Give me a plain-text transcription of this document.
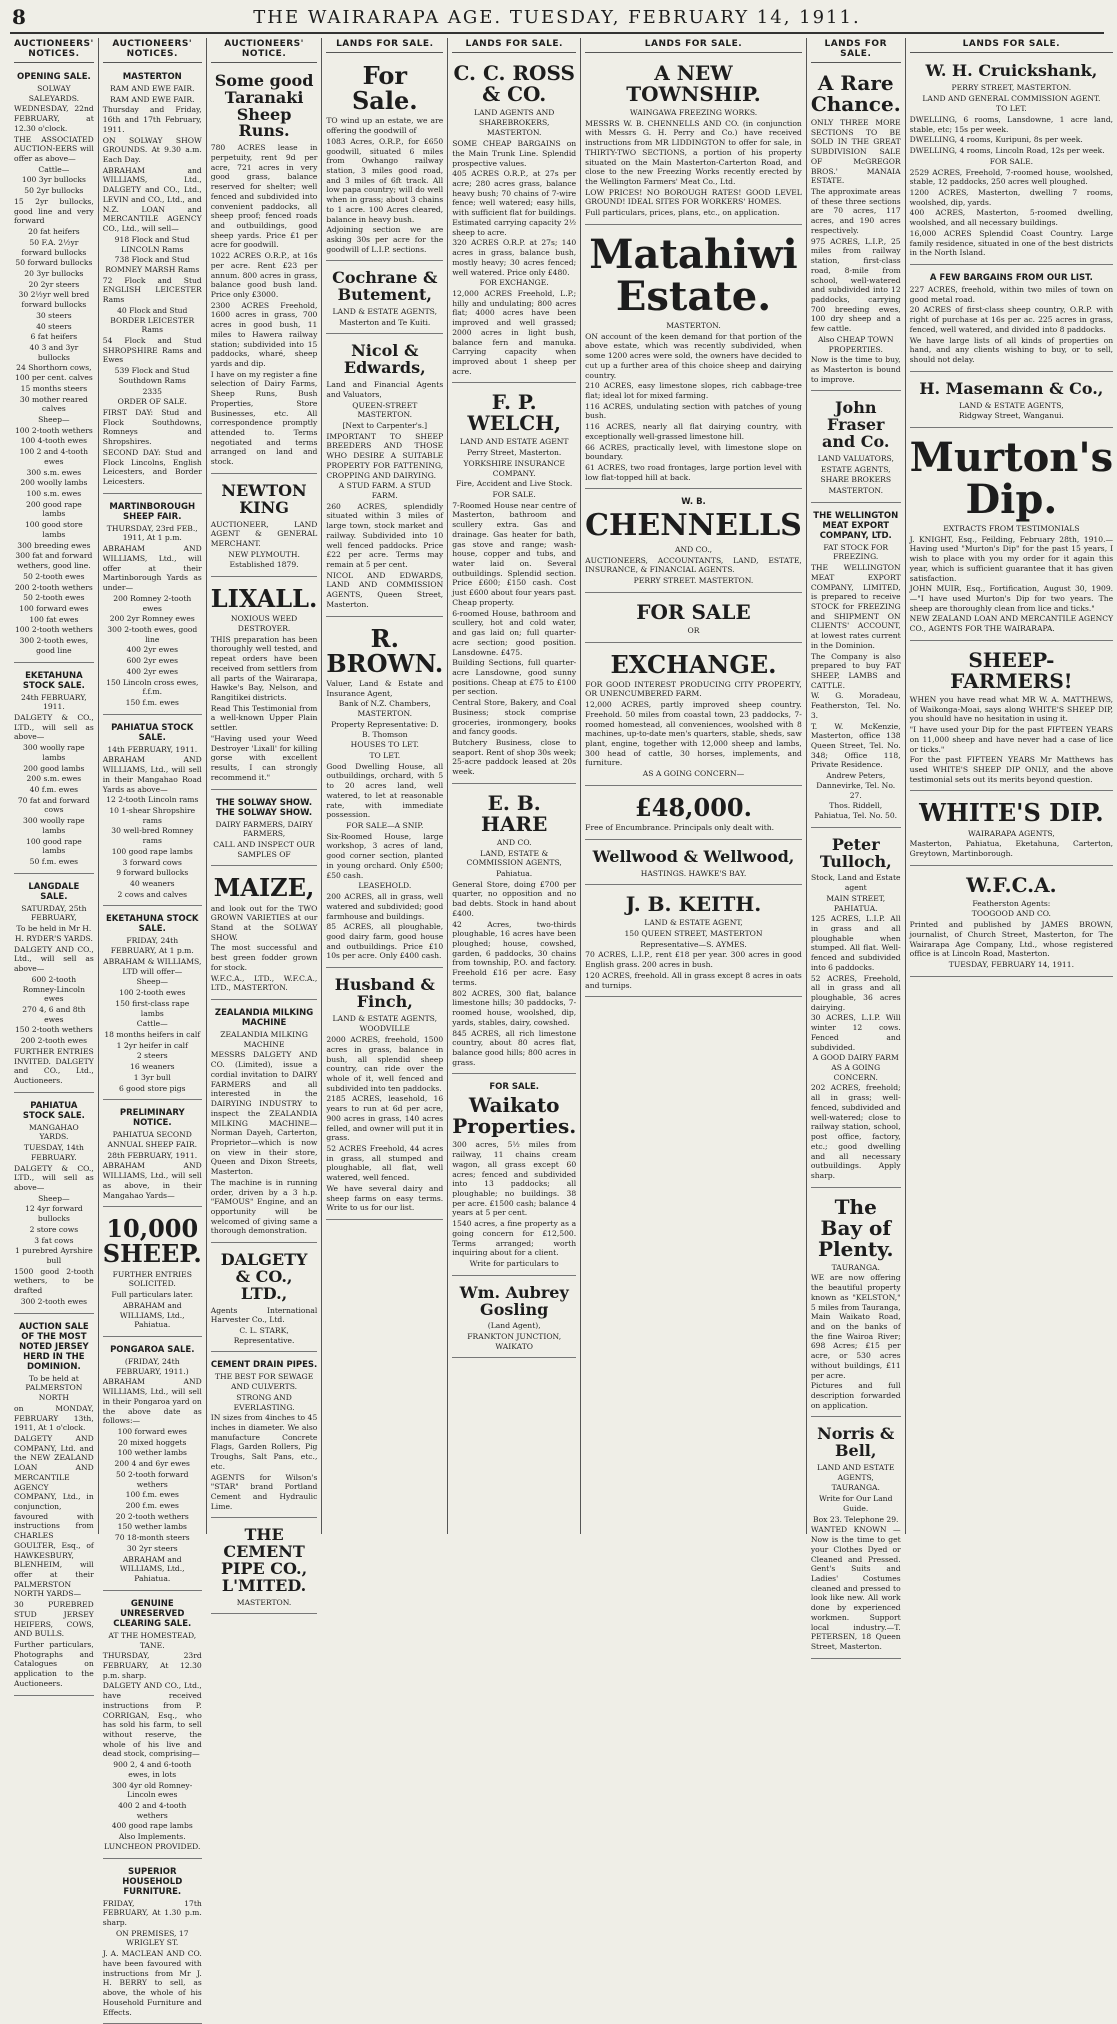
8	THE WAIRARAPA AGE. TUESDAY, FEBRUARY 14, 1911.
AUCTIONEERS' NOTICES.
OPENING SALE.
SOLWAY SALEYARDS.
WEDNESDAY, 22nd FEBRUARY, at 12.30 o'clock.
THE ASSOCIATED AUCTION-EERS will offer as above—
Cattle—
100 3yr bullocks
50 2yr bullocks
15 2yr bullocks, good line and very forward
20 fat heifers
50 F.A. 2½yr forward bullocks
50 forward bullocks
20 3yr bullocks
20 2yr steers
30 2½yr well bred forward bullocks
30 steers
40 steers
6 fat heifers
40 3 and 3yr bullocks
24 Shorthorn cows, 100 per cent. calves
15 months steers
30 mother reared calves
Sheep—
100 2-tooth wethers
100 4-tooth ewes
100 2 and 4-tooth ewes
300 s.m. ewes
200 woolly lambs
100 s.m. ewes
200 good rape lambs
100 good store lambs
300 breeding ewes
300 fat and forward wethers, good line.
50 2-tooth ewes
200 2-tooth wethers
50 2-tooth ewes
100 forward ewes
100 fat ewes
100 2-tooth wethers
300 2-tooth ewes, good line
EKETAHUNA STOCK SALE.
24th FEBRUARY, 1911.
DALGETY & CO., LTD., will sell as above—
300 woolly rape lambs
200 good lambs
200 s.m. ewes
40 f.m. ewes
70 fat and forward cows
300 woolly rape lambs
100 good rape lambs
50 f.m. ewes
LANGDALE SALE.
SATURDAY, 25th FEBRUARY,
To be held in Mr H. H. RYDER'S YARDS.
DALGETY AND CO., Ltd., will sell as above—
600 2-tooth Romney-Lincoln ewes
270 4, 6 and 8th ewes
150 2-tooth wethers
200 2-tooth ewes
FURTHER ENTRIES INVITED. DALGETY and CO., Ltd., Auctioneers.
PAHIATUA STOCK SALE.
MANGAHAO YARDS.
TUESDAY, 14th FEBRUARY.
DALGETY & CO., LTD., will sell as above—
Sheep—
12 4yr forward bullocks
2 store cows
3 fat cows
1 purebred Ayrshire bull
1500 good 2-tooth wethers, to be drafted
300 2-tooth ewes
AUCTION SALE OF THE MOST NOTED JERSEY HERD IN THE DOMINION.
To be held at PALMERSTON NORTH
on MONDAY, FEBRUARY 13th, 1911, At 1 o'clock.
DALGETY AND COMPANY, Ltd. and the NEW ZEALAND LOAN AND MERCANTILE AGENCY COMPANY, Ltd., in conjunction, favoured with instructions from CHARLES GOULTER, Esq., of HAWKESBURY, BLENHEIM, will offer at their PALMERSTON NORTH YARDS—
30 PUREBRED STUD JERSEY HEIFERS, COWS, AND BULLS.
Further particulars, Photographs and Catalogues on application to the Auctioneers.
AUCTIONEERS' NOTICES.
MASTERTON
RAM AND EWE FAIR.
RAM AND EWE FAIR.
Thursday and Friday, 16th and 17th February, 1911.
ON SOLWAY SHOW GROUNDS. At 9.30 a.m. Each Day.
ABRAHAM and WILLIAMS, Ltd., DALGETY and CO., Ltd., LEVIN and CO., Ltd., and N.Z. LOAN and MERCANTILE AGENCY CO., Ltd., will sell—
918 Flock and Stud LINCOLN Rams
738 Flock and Stud ROMNEY MARSH Rams
72 Flock and Stud ENGLISH LEICESTER Rams
40 Flock and Stud BORDER LEICESTER Rams
54 Flock and Stud SHROPSHIRE Rams and Ewes
539 Flock and Stud Southdown Rams
2335
ORDER OF SALE.
FIRST DAY: Stud and Flock Southdowns, Romneys and Shropshires.
SECOND DAY: Stud and Flock Lincolns, English Leicesters, and Border Leicesters.
MARTINBOROUGH SHEEP FAIR.
THURSDAY, 23rd FEB., 1911, At 1 p.m.
ABRAHAM AND WILLIAMS, Ltd., will offer at their Martinborough Yards as under—
200 Romney 2-tooth ewes
200 2yr Romney ewes
300 2-tooth ewes, good line
400 2yr ewes
600 2yr ewes
400 2yr ewes
150 Lincoln cross ewes, f.f.m.
150 f.m. ewes
PAHIATUA STOCK SALE.
14th FEBRUARY, 1911.
ABRAHAM AND WILLIAMS, Ltd., will sell in their Mangahao Road Yards as above—
12 2-tooth Lincoln rams
10 1-shear Shropshire rams
30 well-bred Romney rams
100 good rape lambs
3 forward cows
9 forward bullocks
40 weaners
2 cows and calves
EKETAHUNA STOCK SALE.
FRIDAY, 24th FEBRUARY, At 1 p.m.
ABRAHAM & WILLIAMS, LTD will offer—
Sheep—
100 2-tooth ewes
150 first-class rape lambs
Cattle—
18 months heifers in calf
1 2yr heifer in calf
2 steers
16 weaners
1 3yr bull
6 good store pigs
PRELIMINARY NOTICE.
PAHIATUA SECOND ANNUAL SHEEP FAIR.
28th FEBRUARY, 1911.
ABRAHAM AND WILLIAMS, Ltd., will sell as above, in their Mangahao Yards—
10,000 SHEEP.
FURTHER ENTRIES SOLICITED.
Full particulars later.
ABRAHAM and WILLIAMS, Ltd., Pahiatua.
PONGAROA SALE.
(FRIDAY, 24th FEBRUARY, 1911.)
ABRAHAM AND WILLIAMS, Ltd., will sell in their Pongaroa yard on the above date as follows:—
100 forward ewes
20 mixed hoggets
100 wether lambs
200 4 and 6yr ewes
50 2-tooth forward wethers
100 f.m. ewes
200 f.m. ewes
20 2-tooth wethers
150 wether lambs
70 18-month steers
30 2yr steers
ABRAHAM and WILLIAMS, Ltd., Pahiatua.
GENUINE UNRESERVED CLEARING SALE.
AT THE HOMESTEAD, TANE.
THURSDAY, 23rd FEBRUARY, At 12.30 p.m. sharp.
DALGETY AND CO., Ltd., have received instructions from P. CORRIGAN, Esq., who has sold his farm, to sell without reserve, the whole of his live and dead stock, comprising—
900 2, 4 and 6-tooth ewes, in lots
300 4yr old Romney-Lincoln ewes
400 2 and 4-tooth wethers
400 good rape lambs
Also Implements. LUNCHEON PROVIDED.
SUPERIOR HOUSEHOLD FURNITURE.
FRIDAY, 17th FEBRUARY, At 1.30 p.m. sharp.
ON PREMISES, 17 WRIGLEY ST.
J. A. MACLEAN AND CO. have been favoured with instructions from Mr J. H. BERRY to sell, as above, the whole of his Household Furniture and Effects.
AUCTIONEERS' NOTICE.
Some good Taranaki Sheep Runs.
780 ACRES lease in perpetuity, rent 9d per acre, 721 acres in very good grass, balance reserved for shelter; well fenced and subdivided into convenient paddocks, all sheep proof; fenced roads and outbuildings, good sheep yards. Price £1 per acre for goodwill.
1022 ACRES O.R.P., at 16s per acre. Rent £23 per annum. 800 acres in grass, balance good bush land. Price only £3000.
2300 ACRES Freehold, 1600 acres in grass, 700 acres in good bush, 11 miles to Hawera railway station; subdivided into 15 paddocks, wharé, sheep yards and dip.
I have on my register a fine selection of Dairy Farms, Sheep Runs, Bush Properties, Store Businesses, etc. All correspondence promptly attended to. Terms negotiated and terms arranged on land and stock.
NEWTON KING
AUCTIONEER, LAND AGENT & GENERAL MERCHANT.
NEW PLYMOUTH.
Established 1879.
LIXALL.
NOXIOUS WEED DESTROYER.
THIS preparation has been thoroughly well tested, and repeat orders have been received from settlers from all parts of the Wairarapa, Hawke's Bay, Nelson, and Rangitikei districts.
Read This Testimonial from a well-known Upper Plain settler.
"Having used your Weed Destroyer 'Lixall' for killing gorse with excellent results, I can strongly recommend it."
THE SOLWAY SHOW. THE SOLWAY SHOW.
DAIRY FARMERS, DAIRY FARMERS,
CALL AND INSPECT OUR SAMPLES OF
MAIZE,
and look out for the TWO GROWN VARIETIES at our Stand at the SOLWAY SHOW.
The most successful and best green fodder grown for stock.
W.F.C.A., LTD., W.F.C.A., LTD., MASTERTON.
ZEALANDIA MILKING MACHINE
ZEALANDIA MILKING MACHINE
MESSRS DALGETY AND CO. (Limited), issue a cordial invitation to DAIRY FARMERS and all interested in the DAIRYING INDUSTRY to inspect the ZEALANDIA MILKING MACHINE—Norman Dayeh, Carterton, Proprietor—which is now on view in their store, Queen and Dixon Streets, Masterton.
The machine is in running order, driven by a 3 h.p. "FAMOUS" Engine, and an opportunity will be welcomed of giving same a thorough demonstration.
DALGETY & CO., LTD.,
Agents International Harvester Co., Ltd.
C. L. STARK, Representative.
CEMENT DRAIN PIPES.
THE BEST FOR SEWAGE AND CULVERTS.
STRONG AND EVERLASTING.
IN sizes from 4inches to 45 inches in diameter. We also manufacture Concrete Flags, Garden Rollers, Pig Troughs, Salt Pans, etc., etc.
AGENTS for Wilson's "STAR" brand Portland Cement and Hydraulic Lime.
THE CEMENT PIPE CO., L'MITED.
MASTERTON.
LANDS FOR SALE.
For Sale.
TO wind up an estate, we are offering the goodwill of
1083 Acres, O.R.P., for £650 goodwill, situated 6 miles from Owhango railway station, 3 miles good road, and 3 miles of 6ft track. All low papa country; will do well when in grass; about 3 chains to 1 acre. 100 Acres cleared, balance in heavy bush.
Adjoining section we are asking 30s per acre for the goodwill of L.I.P. sections.
Cochrane & Butement,
LAND & ESTATE AGENTS,
Masterton and Te Kuiti.
Nicol & Edwards,
Land and Financial Agents and Valuators,
QUEEN-STREET MASTERTON.
[Next to Carpenter's.]
IMPORTANT TO SHEEP BREEDERS AND THOSE WHO DESIRE A SUITABLE PROPERTY FOR FATTENING, CROPPING AND DAIRYING.
A STUD FARM. A STUD FARM.
260 ACRES, splendidly situated within 3 miles of large town, stock market and railway. Subdivided into 10 well fenced paddocks. Price £22 per acre. Terms may remain at 5 per cent.
NICOL AND EDWARDS, LAND AND COMMISSION AGENTS, Queen Street, Masterton.
R. BROWN.
Valuer, Land & Estate and Insurance Agent,
Bank of N.Z. Chambers, MASTERTON.
Property Representative: D. B. Thomson
HOUSES TO LET.
TO LET.
Good Dwelling House, all outbuildings, orchard, with 5 to 20 acres land, well watered, to let at reasonable rate, with immediate possession.
FOR SALE—A SNIP.
Six-Roomed House, large workshop, 3 acres of land, good corner section, planted in young orchard. Only £500; £50 cash.
LEASEHOLD.
200 ACRES, all in grass, well watered and subdivided; good farmhouse and buildings.
85 ACRES, all ploughable, good dairy farm, good house and outbuildings. Price £10 10s per acre. Only £400 cash.
Husband & Finch,
LAND & ESTATE AGENTS,
WOODVILLE
2000 ACRES, freehold, 1500 acres in grass, balance in bush, all splendid sheep country, can ride over the whole of it, well fenced and subdivided into ten paddocks.
2185 ACRES, leasehold, 16 years to run at 6d per acre, 900 acres in grass, 140 acres felled, and owner will put it in grass.
52 ACRES Freehold, 44 acres in grass, all stumped and ploughable, all flat, well watered, well fenced.
We have several dairy and sheep farms on easy terms. Write to us for our list.
LANDS FOR SALE.
C. C. ROSS & CO.
LAND AGENTS AND SHAREBROKERS,
MASTERTON.
SOME CHEAP BARGAINS on the Main Trunk Line. Splendid prospective values.
405 ACRES O.R.P., at 27s per acre; 280 acres grass, balance heavy bush; 70 chains of 7-wire fence; well watered; easy hills, with sufficient flat for buildings. Estimated carrying capacity 2½ sheep to acre.
320 ACRES O.R.P. at 27s; 140 acres in grass, balance bush, mostly heavy; 30 acres fenced; well watered. Price only £480.
FOR EXCHANGE.
12,000 ACRES Freehold, L.P.; hilly and undulating; 800 acres flat; 4000 acres have been improved and well grassed; 2000 acres in light bush, balance fern and manuka. Carrying capacity when improved about 1 sheep per acre.
F. P. WELCH,
LAND AND ESTATE AGENT
Perry Street, Masterton.
YORKSHIRE INSURANCE COMPANY.
Fire, Accident and Live Stock.
FOR SALE.
7-Roomed House near centre of Masterton, bathroom and scullery extra. Gas and drainage. Gas heater for bath, gas stove and range; wash-house, copper and tubs, and water laid on. Several outbuildings. Splendid section. Price £600; £150 cash. Cost just £600 about four years past. Cheap property.
6-roomed House, bathroom and scullery, hot and cold water, and gas laid on; full quarter-acre section; good position. Lansdowne. £475.
Building Sections, full quarter-acre Lansdowne, good sunny positions. Cheap at £75 to £100 per section.
Central Store, Bakery, and Coal Business; stock comprise groceries, ironmongery, books and fancy goods.
Butchery Business, close to seaport. Rent of shop 30s week; 25-acre paddock leased at 20s week.
E. B. HARE
AND CO.
LAND, ESTATE & COMMISSION AGENTS,
Pahiatua.
General Store, doing £700 per quarter, no opposition and no bad debts. Stock in hand about £400.
42 Acres, two-thirds ploughable, 16 acres have been ploughed; house, cowshed, garden, 6 paddocks, 30 chains from township, P.O. and factory. Freehold £16 per acre. Easy terms.
802 ACRES, 300 flat, balance limestone hills; 30 paddocks, 7-roomed house, woolshed, dip, yards, stables, dairy, cowshed.
845 ACRES, all rich limestone country, about 80 acres flat, balance good hills; 800 acres in grass.
FOR SALE.
Waikato Properties.
300 acres, 5½ miles from railway, 11 chains cream wagon, all grass except 60 acres; fenced and subdivided into 13 paddocks; all ploughable; no buildings. 38 per acre. £1500 cash; balance 4 years at 5 per cent.
1540 acres, a fine property as a going concern for £12,500. Terms arranged; worth inquiring about for a client.
Write for particulars to
Wm. Aubrey Gosling
(Land Agent),
FRANKTON JUNCTION, WAIKATO
LANDS FOR SALE.
A NEW TOWNSHIP.
WAINGAWA FREEZING WORKS.
MESSRS W. B. CHENNELLS AND CO. (in conjunction with Messrs G. H. Perry and Co.) have received instructions from MR LIDDINGTON to offer for sale, in THIRTY-TWO SECTIONS, a portion of his property situated on the Main Masterton-Carterton Road, and close to the new Freezing Works recently erected by the Wellington Farmers' Meat Co., Ltd.
LOW PRICES! NO BOROUGH RATES! GOOD LEVEL GROUND! IDEAL SITES FOR WORKERS' HOMES.
Full particulars, prices, plans, etc., on application.
Matahiwi Estate.
MASTERTON.
ON account of the keen demand for that portion of the above estate, which was recently subdivided, when some 1200 acres were sold, the owners have decided to cut up a further area of this choice sheep and dairying country.
210 ACRES, easy limestone slopes, rich cabbage-tree flat; ideal lot for mixed farming.
116 ACRES, undulating section with patches of young bush.
116 ACRES, nearly all flat dairying country, with exceptionally well-grassed limestone hill.
66 ACRES, practically level, with limestone slope on boundary.
61 ACRES, two road frontages, large portion level with low flat-topped hill at back.
W. B.
CHENNELLS
AND CO.,
AUCTIONEERS, ACCOUNTANTS, LAND, ESTATE, INSURANCE, & FINANCIAL AGENTS.
PERRY STREET. MASTERTON.
FOR SALE
OR
EXCHANGE.
FOR GOOD INTEREST PRODUCING CITY PROPERTY, OR UNENCUMBERED FARM.
12,000 ACRES, partly improved sheep country. Freehold. 50 miles from coastal town, 23 paddocks, 7-roomed homestead, all conveniences, woolshed with 8 machines, up-to-date men's quarters, stable, sheds, saw plant, engine, together with 12,000 sheep and lambs, 300 head of cattle, 30 horses, implements, and furniture.
AS A GOING CONCERN—
£48,000.
Free of Encumbrance. Principals only dealt with.
Wellwood & Wellwood,
HASTINGS. HAWKE'S BAY.
J. B. KEITH.
LAND & ESTATE AGENT,
150 QUEEN STREET, MASTERTON
Representative—S. AYMES.
70 ACRES, L.I.P., rent £18 per year. 300 acres in good English grass. 200 acres in bush.
120 ACRES, freehold. All in grass except 8 acres in oats and turnips.
LANDS FOR SALE.
A Rare Chance.
ONLY THREE MORE SECTIONS TO BE SOLD IN THE GREAT SUBDIVISION SALE OF McGREGOR BROS.' MANAIA ESTATE.
The approximate areas of these three sections are 70 acres, 117 acres, and 190 acres respectively.
975 ACRES, L.I.P., 25 miles from railway station, first-class road, 8-mile from school, well-watered and subdivided into 12 paddocks, carrying 700 breeding ewes, 100 dry sheep and a few cattle.
Also CHEAP TOWN PROPERTIES.
Now is the time to buy, as Masterton is bound to improve.
John Fraser and Co.
LAND VALUATORS,
ESTATE AGENTS,
SHARE BROKERS
MASTERTON.
THE WELLINGTON MEAT EXPORT COMPANY, LTD.
FAT STOCK FOR FREEZING.
THE WELLINGTON MEAT EXPORT COMPANY, LIMITED, is prepared to receive STOCK for FREEZING and SHIPMENT ON CLIENTS' ACCOUNT, at lowest rates current in the Dominion.
The Company is also prepared to buy FAT SHEEP, LAMBS and CATTLE.
W. G. Moradeau, Featherston, Tel. No. 3.
T. W. McKenzie, Masterton, office 138 Queen Street, Tel. No. 348; Office 118, Private Residence.
Andrew Peters, Dannevirke, Tel. No. 27.
Thos. Riddell, Pahiatua, Tel. No. 50.
Peter Tulloch,
Stock, Land and Estate agent
MAIN STREET, PAHIATUA.
125 ACRES, L.I.P. All in grass and all ploughable when stumped. All flat. Well-fenced and subdivided into 6 paddocks.
52 ACRES, Freehold, all in grass and all ploughable, 36 acres dairying.
30 ACRES, L.I.P. Will winter 12 cows. Fenced and subdivided.
A GOOD DAIRY FARM AS A GOING CONCERN.
202 ACRES, freehold; all in grass; well-fenced, subdivided and well-watered; close to railway station, school, post office, factory, etc.; good dwelling and all necessary outbuildings. Apply sharp.
The Bay of Plenty.
TAURANGA.
WE are now offering the beautiful property known as "KELSTON," 5 miles from Tauranga, Main Waikato Road, and on the banks of the fine Wairoa River; 698 Acres; £15 per acre, or 530 acres without buildings, £11 per acre.
Pictures and full description forwarded on application.
Norris & Bell,
LAND AND ESTATE AGENTS,
TAURANGA.
Write for Our Land Guide.
Box 23. Telephone 29.
WANTED KNOWN — Now is the time to get your Clothes Dyed or Cleaned and Pressed. Gent's Suits and Ladies' Costumes cleaned and pressed to look like new. All work done by experienced workmen. Support local industry.—T. PETERSEN, 18 Queen Street, Masterton.
LANDS FOR SALE.
W. H. Cruickshank,
PERRY STREET, MASTERTON.
LAND AND GENERAL COMMISSION AGENT.
TO LET.
DWELLING, 6 rooms, Lansdowne, 1 acre land, stable, etc; 15s per week.
DWELLING, 4 rooms, Kuripuni, 8s per week.
DWELLING, 4 rooms, Lincoln Road, 12s per week.
FOR SALE.
2529 ACRES, Freehold, 7-roomed house, woolshed, stable, 12 paddocks, 250 acres well ploughed.
1200 ACRES, Masterton, dwelling 7 rooms, woolshed, dip, yards.
400 ACRES, Masterton, 5-roomed dwelling, woolshed, and all necessary buildings.
16,000 ACRES Splendid Coast Country. Large family residence, situated in one of the best districts in the North Island.
A FEW BARGAINS FROM OUR LIST.
227 ACRES, freehold, within two miles of town on good metal road.
20 ACRES of first-class sheep country, O.R.P. with right of purchase at 16s per ac. 225 acres in grass, fenced, well watered, and divided into 8 paddocks.
We have large lists of all kinds of properties on hand, and any clients wishing to buy, or to sell, should not delay.
H. Masemann & Co.,
LAND & ESTATE AGENTS,
Ridgway Street, Wanganui.
Murton's Dip.
EXTRACTS FROM TESTIMONIALS
J. KNIGHT, Esq., Feilding, February 28th, 1910.—Having used "Murton's Dip" for the past 15 years, I wish to place with you my order for it again this year, which is sufficient guarantee that it has given satisfaction.
JOHN MUIR, Esq., Fortification, August 30, 1909.—"I have used Murton's Dip for two years. The sheep are thoroughly clean from lice and ticks."
NEW ZEALAND LOAN AND MERCANTILE AGENCY CO., AGENTS FOR THE WAIRARAPA.
SHEEP-FARMERS!
WHEN you have read what MR W. A. MATTHEWS, of Waikonga-Moai, says along WHITE'S SHEEP DIP, you should have no hesitation in using it.
"I have used your Dip for the past FIFTEEN YEARS on 11,000 sheep and have never had a case of lice or ticks."
For the past FIFTEEN YEARS Mr Matthews has used WHITE'S SHEEP DIP ONLY, and the above testimonial sets out its merits beyond question.
WHITE'S DIP.
WAIRARAPA AGENTS,
Masterton, Pahiatua, Eketahuna, Carterton, Greytown, Martinborough.
W.F.C.A.
Featherston Agents:
TOOGOOD AND CO.
Printed and published by JAMES BROWN, journalist, of Church Street, Masterton, for The Wairarapa Age Company, Ltd., whose registered office is at Lincoln Road, Masterton.
TUESDAY, FEBRUARY 14, 1911.
